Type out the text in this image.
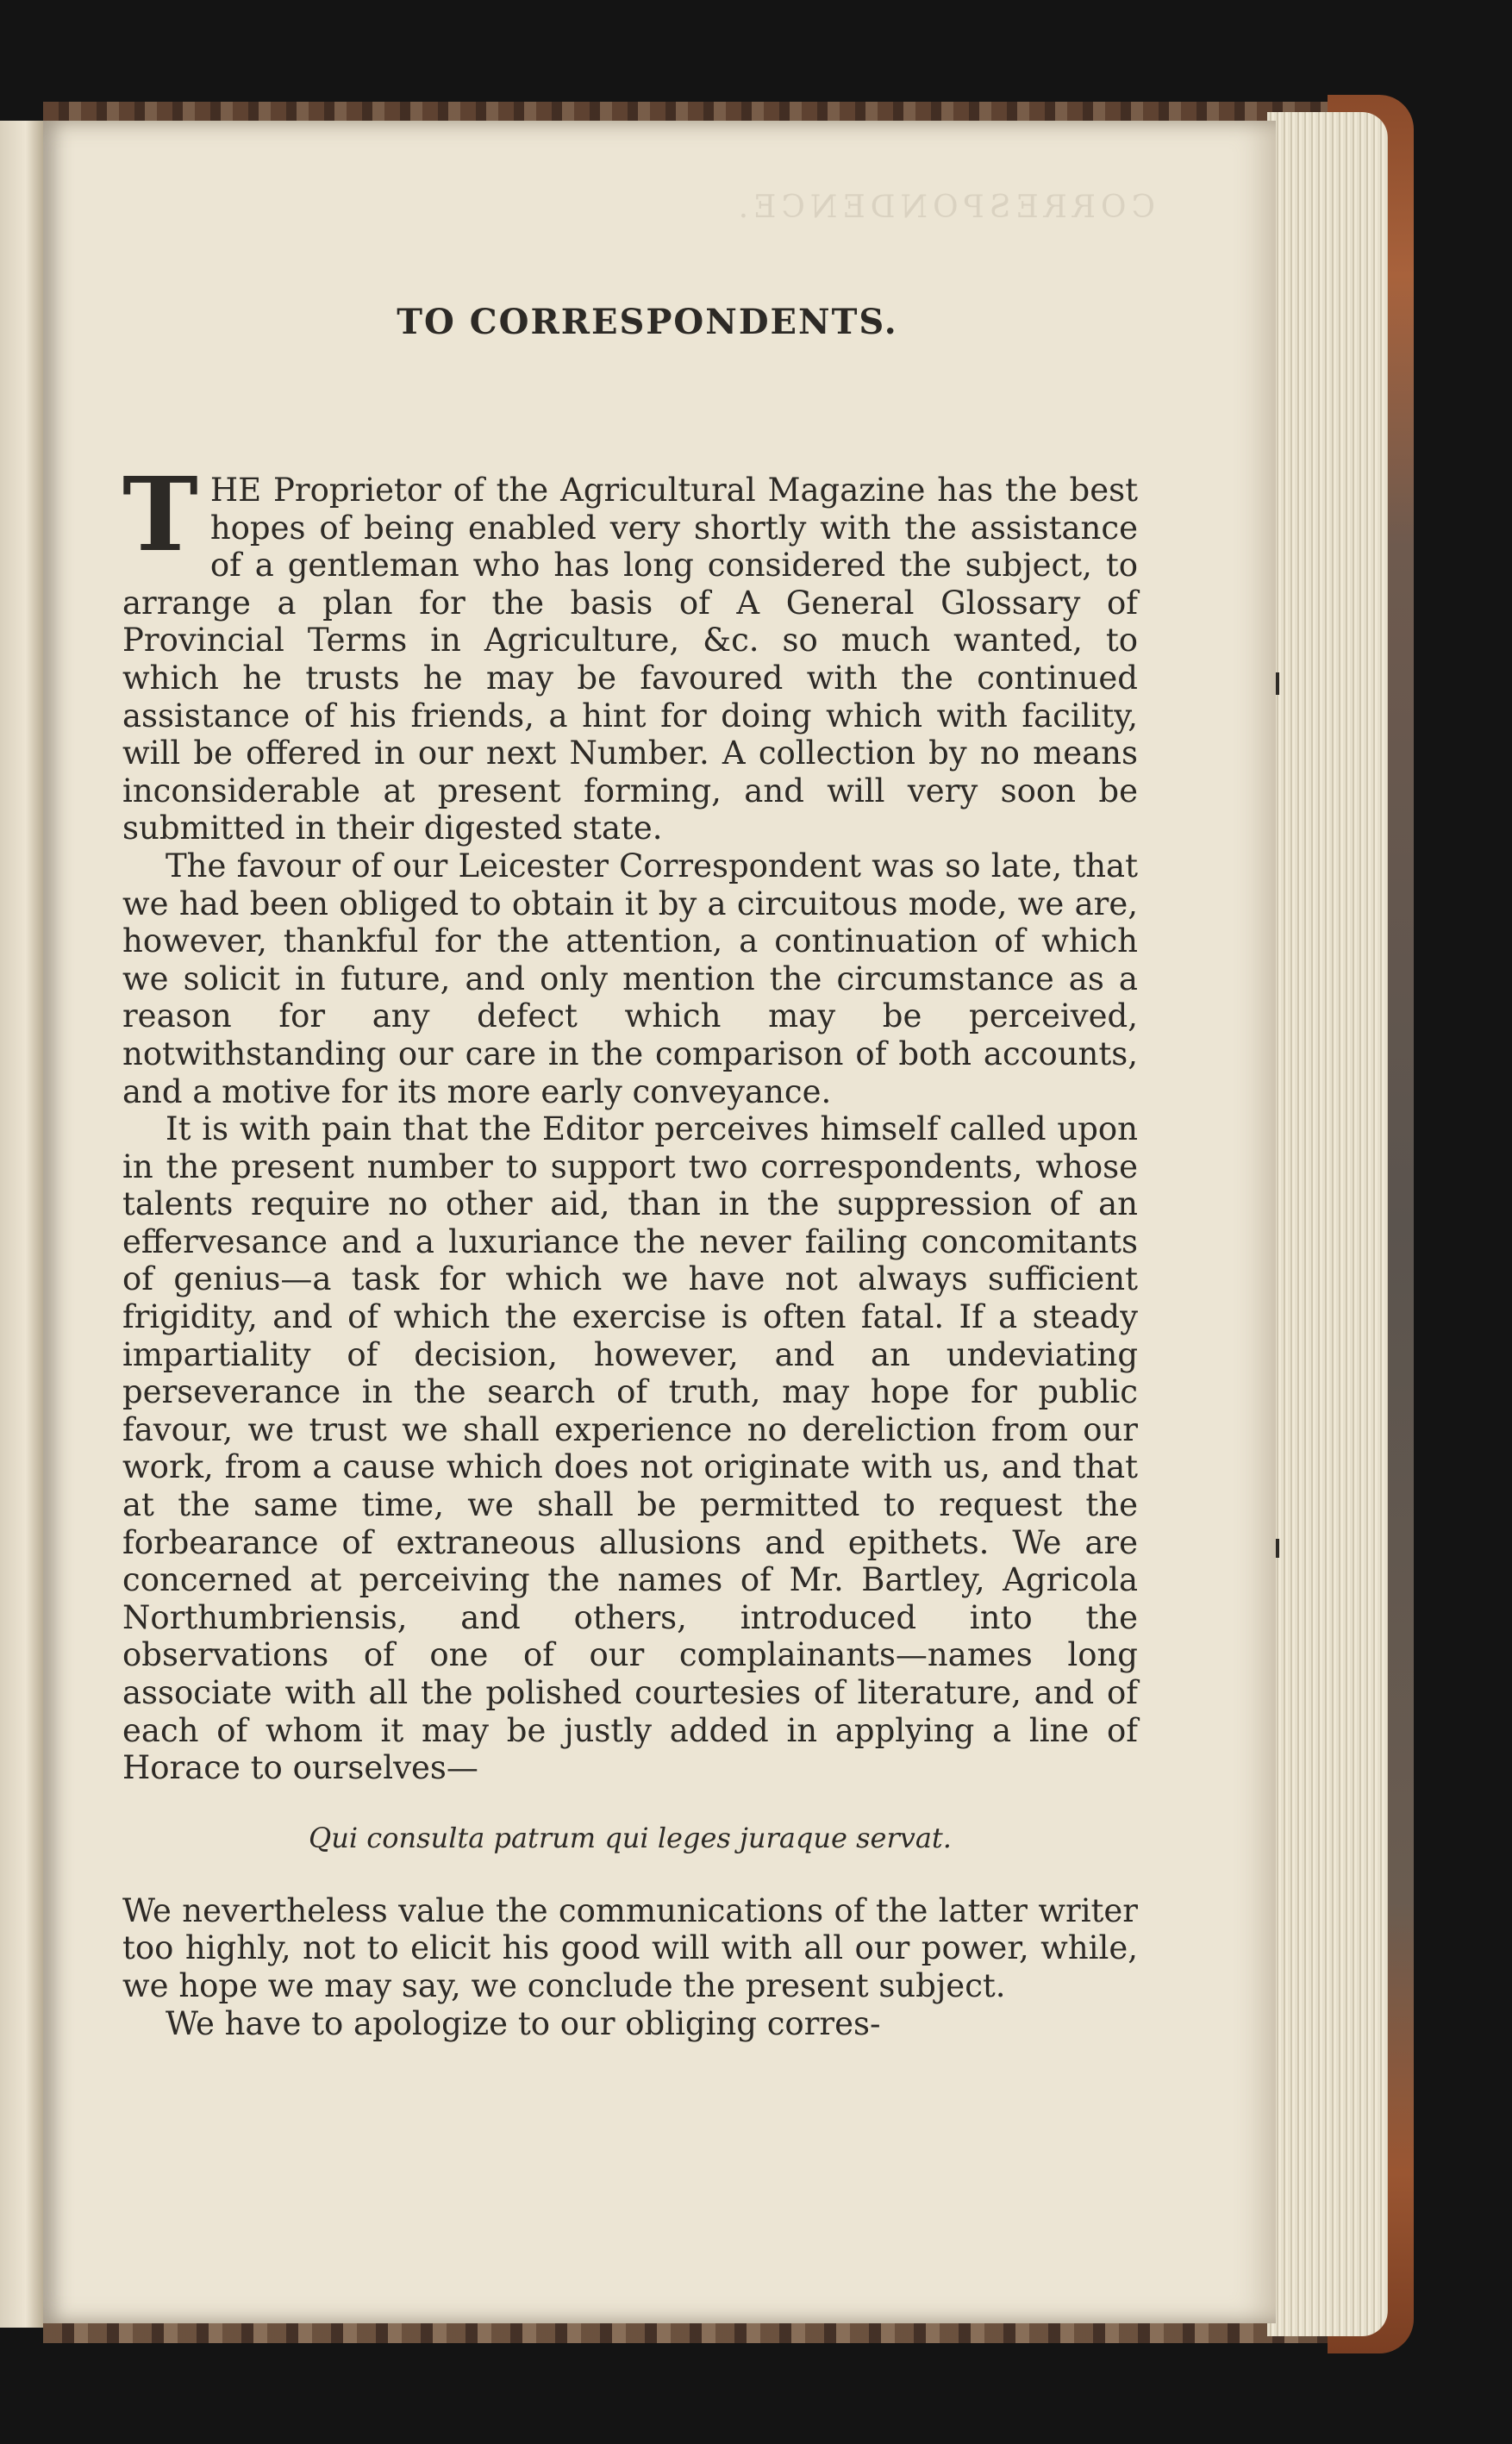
CORRESPONDENCE.
TO CORRESPONDENTS.

THE Proprietor of the Agricultural Magazine has the best hopes of being enabled very shortly with the assistance of a gentleman who has long considered the subject, to arrange a plan for the basis of A General Glossary of Provincial Terms in Agriculture, &c. so much wanted, to which he trusts he may be favoured with the continued assistance of his friends, a hint for doing which with facility, will be offered in our next Number. A collection by no means inconsiderable at present forming, and will very soon be submitted in their digested state.

The favour of our Leicester Correspondent was so late, that we had been obliged to obtain it by a circuitous mode, we are, however, thankful for the attention, a continuation of which we solicit in future, and only mention the circumstance as a reason for any defect which may be perceived, notwithstanding our care in the comparison of both accounts, and a motive for its more early conveyance.

It is with pain that the Editor perceives himself called upon in the present number to support two correspondents, whose talents require no other aid, than in the suppression of an effervesance and a luxuriance the never failing concomitants of genius—a task for which we have not always sufficient frigidity, and of which the exercise is often fatal. If a steady impartiality of decision, however, and an undeviating perseverance in the search of truth, may hope for public favour, we trust we shall experience no dereliction from our work, from a cause which does not originate with us, and that at the same time, we shall be permitted to request the forbearance of extraneous allusions and epithets. We are concerned at perceiving the names of Mr. Bartley, Agricola Northumbriensis, and others, introduced into the observations of one of our complainants—names long associate with all the polished courtesies of literature, and of each of whom it may be justly added in applying a line of Horace to ourselves—

Qui consulta patrum qui leges juraque servat.

We nevertheless value the communications of the latter writer too highly, not to elicit his good will with all our power, while, we hope we may say, we conclude the present subject.

We have to apologize to our obliging corres-
